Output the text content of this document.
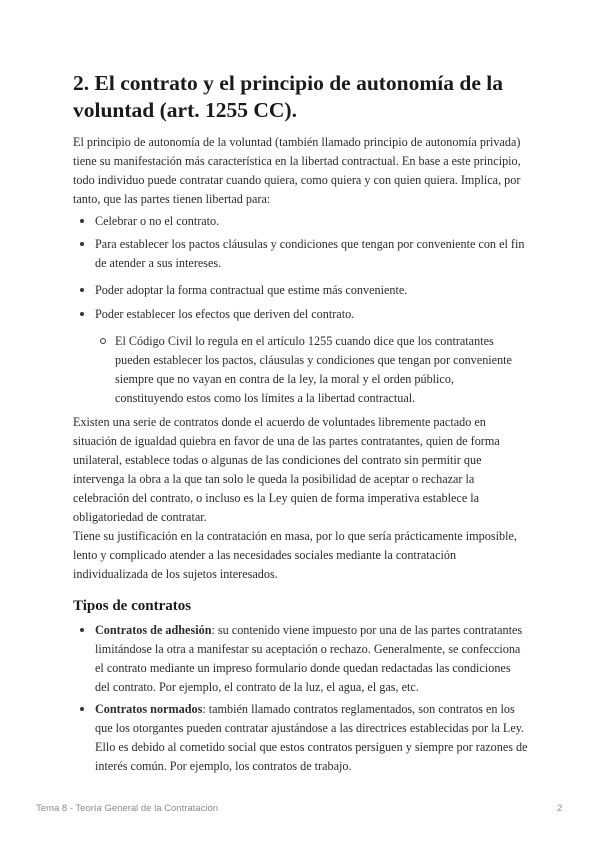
2. El contrato y el principio de autonomía de la voluntad (art. 1255 CC).

El principio de autonomía de la voluntad (también llamado principio de autonomía privada) tiene su manifestación más característica en la libertad contractual. En base a este principio, todo individuo puede contratar cuando quiera, como quiera y con quien quiera. Implica, por tanto, que las partes tienen libertad para:

Celebrar o no el contrato.
Para establecer los pactos cláusulas y condiciones que tengan por conveniente con el fin de atender a sus intereses.
Poder adoptar la forma contractual que estime más conveniente.
Poder establecer los efectos que deriven del contrato.
El Código Civil lo regula en el artículo 1255 cuando dice que los contratantes pueden establecer los pactos, cláusulas y condiciones que tengan por conveniente siempre que no vayan en contra de la ley, la moral y el orden público, constituyendo estos como los límites a la libertad contractual.

Existen una serie de contratos donde el acuerdo de voluntades libremente pactado en situación de igualdad quiebra en favor de una de las partes contratantes, quien de forma unilateral, establece todas o algunas de las condiciones del contrato sin permitir que intervenga la obra a la que tan solo le queda la posibilidad de aceptar o rechazar la celebración del contrato, o incluso es la Ley quien de forma imperativa establece la obligatoriedad de contratar.

Tiene su justificación en la contratación en masa, por lo que sería prácticamente imposible, lento y complicado atender a las necesidades sociales mediante la contratación individualizada de los sujetos interesados.

Tipos de contratos
Contratos de adhesión: su contenido viene impuesto por una de las partes contratantes limitándose la otra a manifestar su aceptación o rechazo. Generalmente, se confecciona el contrato mediante un impreso formulario donde quedan redactadas las condiciones del contrato. Por ejemplo, el contrato de la luz, el agua, el gas, etc.
Contratos normados: también llamado contratos reglamentados, son contratos en los que los otorgantes pueden contratar ajustándose a las directrices establecidas por la Ley. Ello es debido al cometido social que estos contratos persiguen y siempre por razones de interés común. Por ejemplo, los contratos de trabajo.
Tema 8 - Teoría General de la Contratación	2
